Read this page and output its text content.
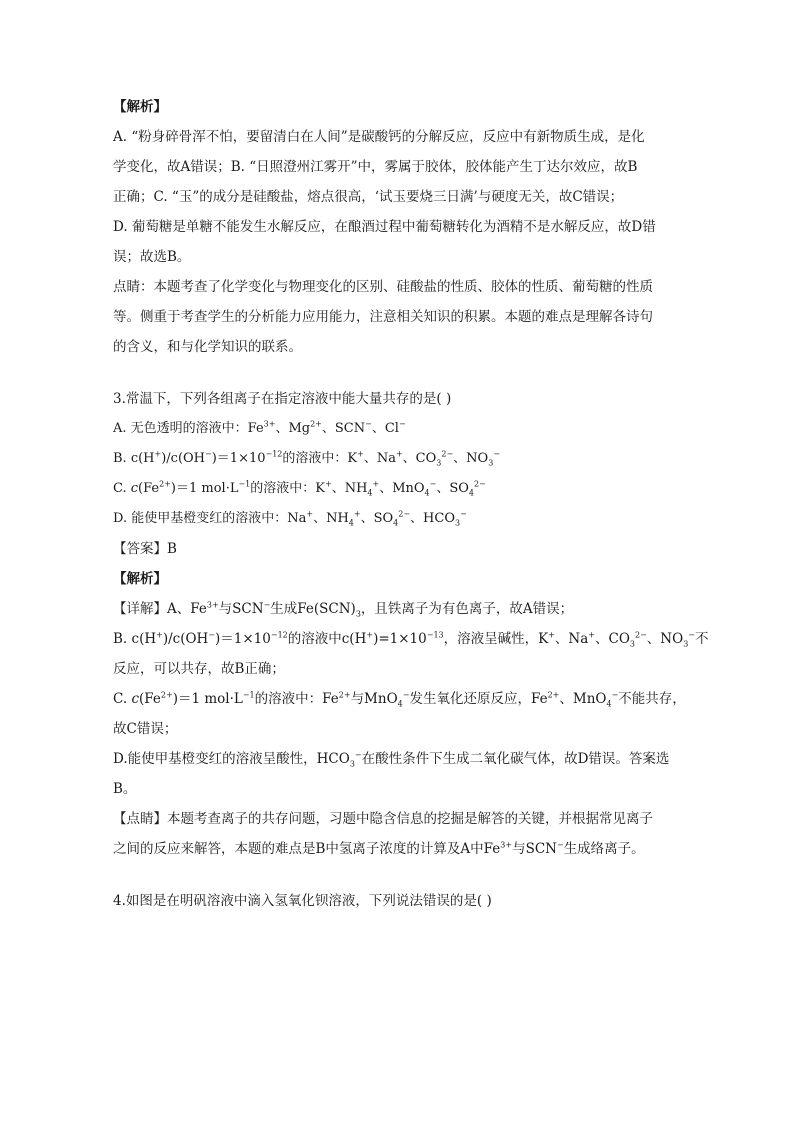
【解析】
A. “粉身碎骨浑不怕，要留清白在人间”是碳酸钙的分解反应，反应中有新物质生成，是化
学变化，故A错误；B. “日照澄州江雾开”中，雾属于胶体，胶体能产生丁达尔效应，故B
正确；C. “玉”的成分是硅酸盐，熔点很高，‘试玉要烧三日满’与硬度无关，故C错误；
D. 葡萄糖是单糖不能发生水解反应，在酿酒过程中葡萄糖转化为酒精不是水解反应，故D错
误；故选B。
点睛：本题考查了化学变化与物理变化的区别、硅酸盐的性质、胶体的性质、葡萄糖的性质
等。侧重于考查学生的分析能力应用能力，注意相关知识的积累。本题的难点是理解各诗句
的含义，和与化学知识的联系。
3.常温下，下列各组离子在指定溶液中能大量共存的是( )
A. 无色透明的溶液中：$Fe^{3+}$、$Mg^{2+}$、SCN−、Cl−
B. $c(H^+)/c(OH^-)=1\times 10^{-12}$的溶液中：K+、Na+、$CO_3^{2-}$、$NO_3^-$
C. $c(Fe^{2+})=1$ $mol\cdot L^{-1}$的溶液中：K+、$NH_4^+$、MnO$_4$−、$SO_4^{2-}$
D. 能使甲基橙变红的溶液中：Na+、$NH_4^+$、$SO_4^{2-}$、$HCO_3^-$
【答案】B
【解析】
【详解】A、$Fe^{3+}$与SCN−生成$Fe(SCN)_3$，且铁离子为有色离子，故A错误；
B. $c(H^+)/c(OH^-)=1\times 10^{-12}$的溶液中$c(H^+)=1\times 10^{-13}$，溶液呈碱性，K+、Na+、$CO_3^{2-}$、$NO_3^-$不
反应，可以共存，故B正确；
C. $c(Fe^{2+})=1$ $mol\cdot L^{-1}$的溶液中：$Fe^{2+}$与MnO$_4$−发生氧化还原反应，$Fe^{2+}$、MnO$_4$−不能共存，
故C错误；
D.能使甲基橙变红的溶液呈酸性，$HCO_3^-$在酸性条件下生成二氧化碳气体，故D错误。答案选
B。
【点睛】本题考查离子的共存问题，习题中隐含信息的挖掘是解答的关键，并根据常见离子
之间的反应来解答，本题的难点是B中氢离子浓度的计算及A中$Fe^{3+}$与SCN−生成络离子。
4.如图是在明矾溶液中滴入氢氧化钡溶液，下列说法错误的是( )
